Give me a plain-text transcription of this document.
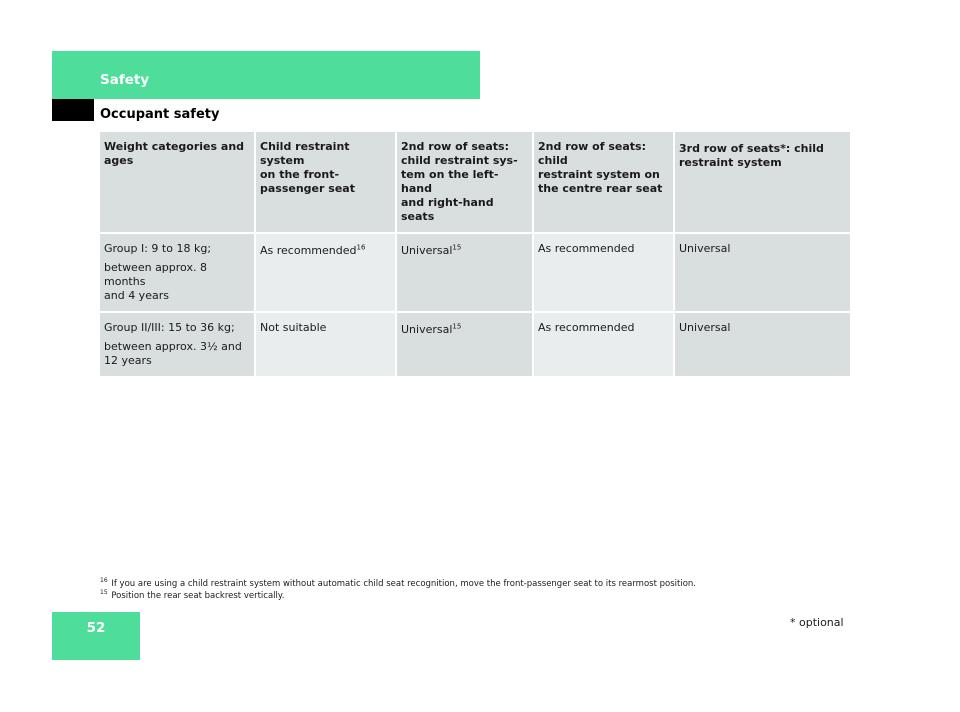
Safety
Occupant safety
Weight categories and ages	Child restraint system
on the front-
passenger seat	2nd row of seats:
child restraint sys-
tem on the left-hand
and right-hand seats	2nd row of seats: child
restraint system on
the centre rear seat	3rd row of seats*: child
restraint system

Group I: 9 to 18 kg;
between approx. 8 months
and 4 years	As recommended$^{16}$	Universal$^{15}$	As recommended	Universal

Group II/III: 15 to 36 kg;
between approx. 3½ and
12 years	Not suitable	Universal$^{15}$	As recommended	Universal
$^{16}$ If you are using a child restraint system without automatic child seat recognition, move the front-passenger seat to its rearmost position.
$^{15}$ Position the rear seat backrest vertically.
52	* optional
